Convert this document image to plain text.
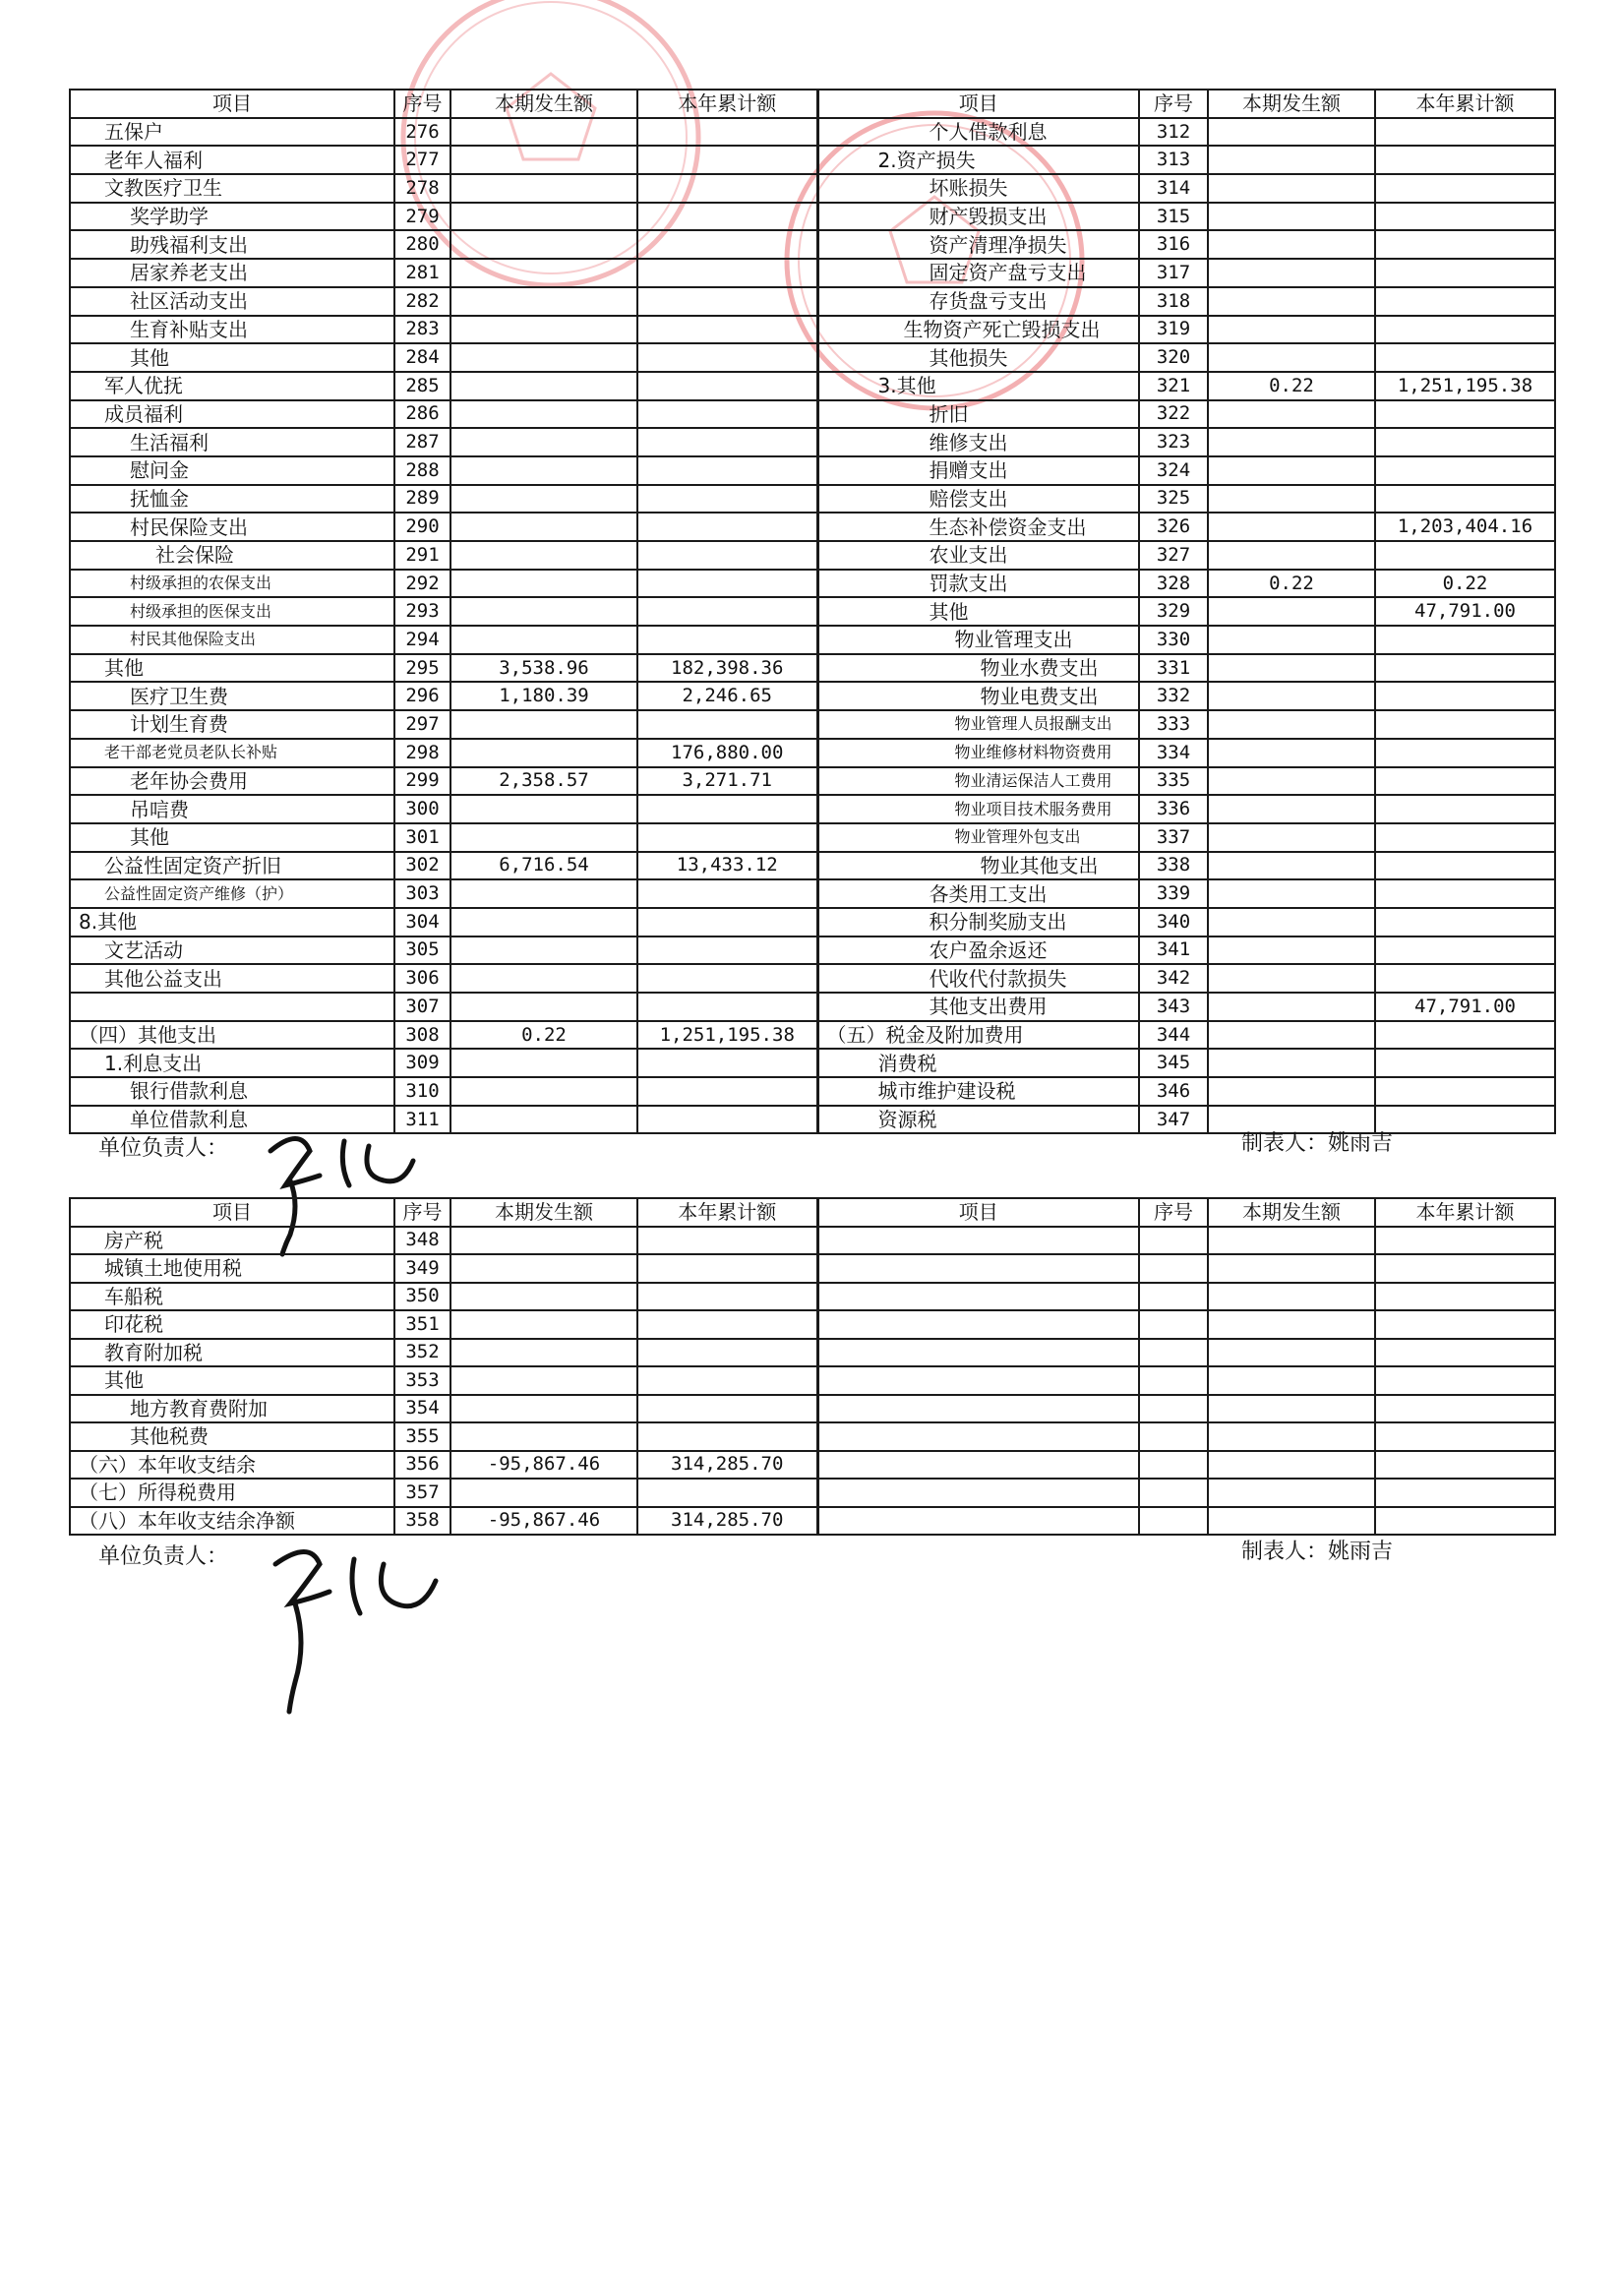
项目	序号	本期发生额	本年累计额	项目	序号	本期发生额	本年累计额
五保户	276			个人借款利息	312		
老年人福利	277			2.资产损失	313		
文教医疗卫生	278			坏账损失	314		
奖学助学	279			财产毁损支出	315		
助残福利支出	280			资产清理净损失	316		
居家养老支出	281			固定资产盘亏支出	317		
社区活动支出	282			存货盘亏支出	318		
生育补贴支出	283			生物资产死亡毁损支出	319		
其他	284			其他损失	320		
军人优抚	285			3.其他	321	0.22	1,251,195.38
成员福利	286			折旧	322		
生活福利	287			维修支出	323		
慰问金	288			捐赠支出	324		
抚恤金	289			赔偿支出	325		
村民保险支出	290			生态补偿资金支出	326		1,203,404.16
社会保险	291			农业支出	327		
村级承担的农保支出	292			罚款支出	328	0.22	0.22
村级承担的医保支出	293			其他	329		47,791.00
村民其他保险支出	294			物业管理支出	330		
其他	295	3,538.96	182,398.36	物业水费支出	331		
医疗卫生费	296	1,180.39	2,246.65	物业电费支出	332		
计划生育费	297			物业管理人员报酬支出	333		
老干部老党员老队长补贴	298		176,880.00	物业维修材料物资费用	334		
老年协会费用	299	2,358.57	3,271.71	物业清运保洁人工费用	335		
吊唁费	300			物业项目技术服务费用	336		
其他	301			物业管理外包支出	337		
公益性固定资产折旧	302	6,716.54	13,433.12	物业其他支出	338		
公益性固定资产维修（护）	303			各类用工支出	339		
8.其他	304			积分制奖励支出	340		
文艺活动	305			农户盈余返还	341		
其他公益支出	306			代收代付款损失	342		
	307			其他支出费用	343		47,791.00
（四）其他支出	308	0.22	1,251,195.38	（五）税金及附加费用	344		
1.利息支出	309			消费税	345		
银行借款利息	310			城市维护建设税	346		
单位借款利息	311			资源税	347		
单位负责人：	制表人：姚雨吉
项目	序号	本期发生额	本年累计额	项目	序号	本期发生额	本年累计额
房产税	348						
城镇土地使用税	349						
车船税	350						
印花税	351						
教育附加税	352						
其他	353						
地方教育费附加	354						
其他税费	355						
（六）本年收支结余	356	-95,867.46	314,285.70				
（七）所得税费用	357						
（八）本年收支结余净额	358	-95,867.46	314,285.70				
单位负责人：	制表人：姚雨吉
